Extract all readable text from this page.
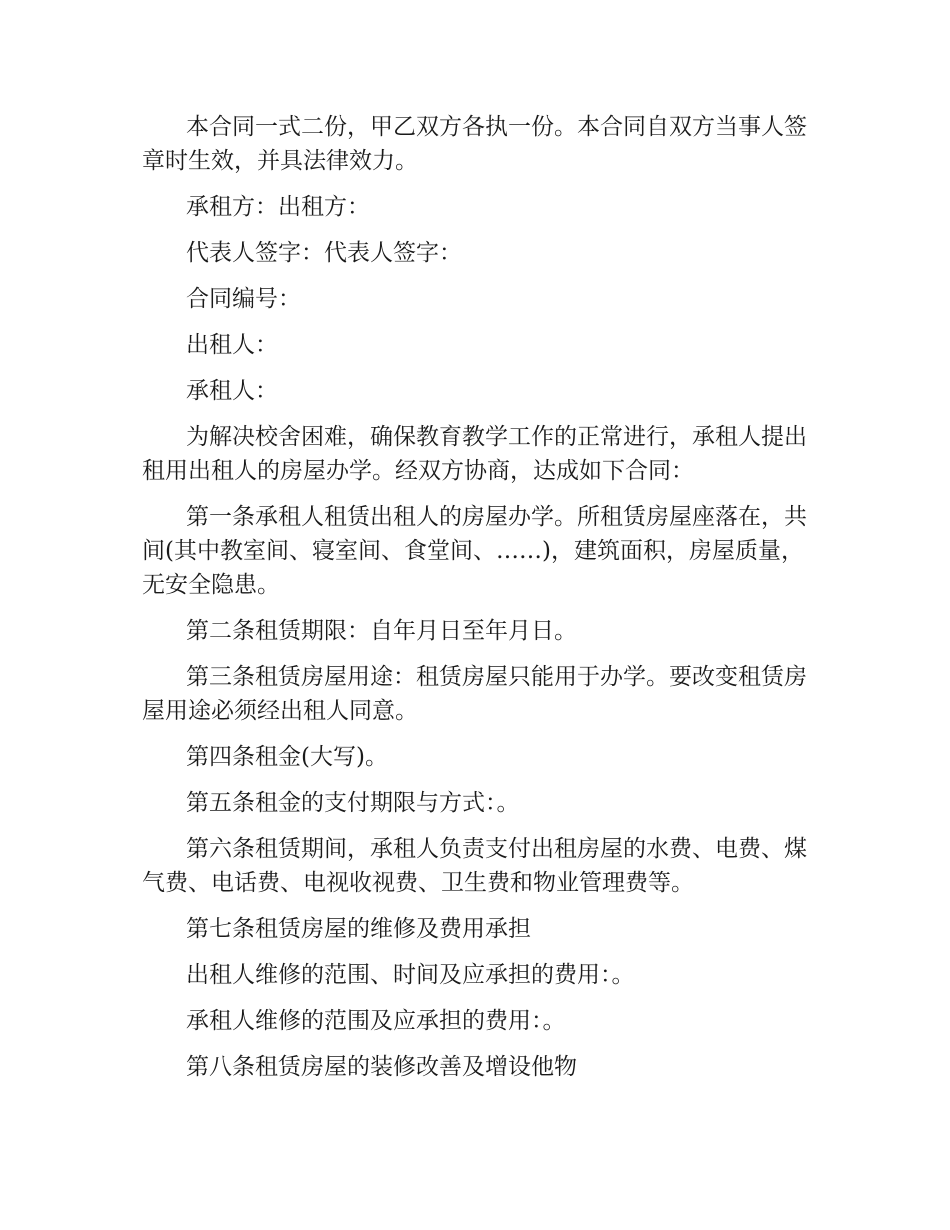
本合同一式二份，甲乙双方各执一份。本合同自双方当事人签章时生效，并具法律效力。

承租方：出租方：

代表人签字：代表人签字：

合同编号：

出租人：

承租人：

为解决校舍困难，确保教育教学工作的正常进行，承租人提出租用出租人的房屋办学。经双方协商，达成如下合同：

第一条承租人租赁出租人的房屋办学。所租赁房屋座落在，共间(其中教室间、寝室间、食堂间、……)，建筑面积，房屋质量，无安全隐患。

第二条租赁期限：自年月日至年月日。

第三条租赁房屋用途：租赁房屋只能用于办学。要改变租赁房屋用途必须经出租人同意。

第四条租金(大写)。

第五条租金的支付期限与方式：。

第六条租赁期间，承租人负责支付出租房屋的水费、电费、煤气费、电话费、电视收视费、卫生费和物业管理费等。

第七条租赁房屋的维修及费用承担

出租人维修的范围、时间及应承担的费用：。

承租人维修的范围及应承担的费用：。

第八条租赁房屋的装修改善及增设他物
